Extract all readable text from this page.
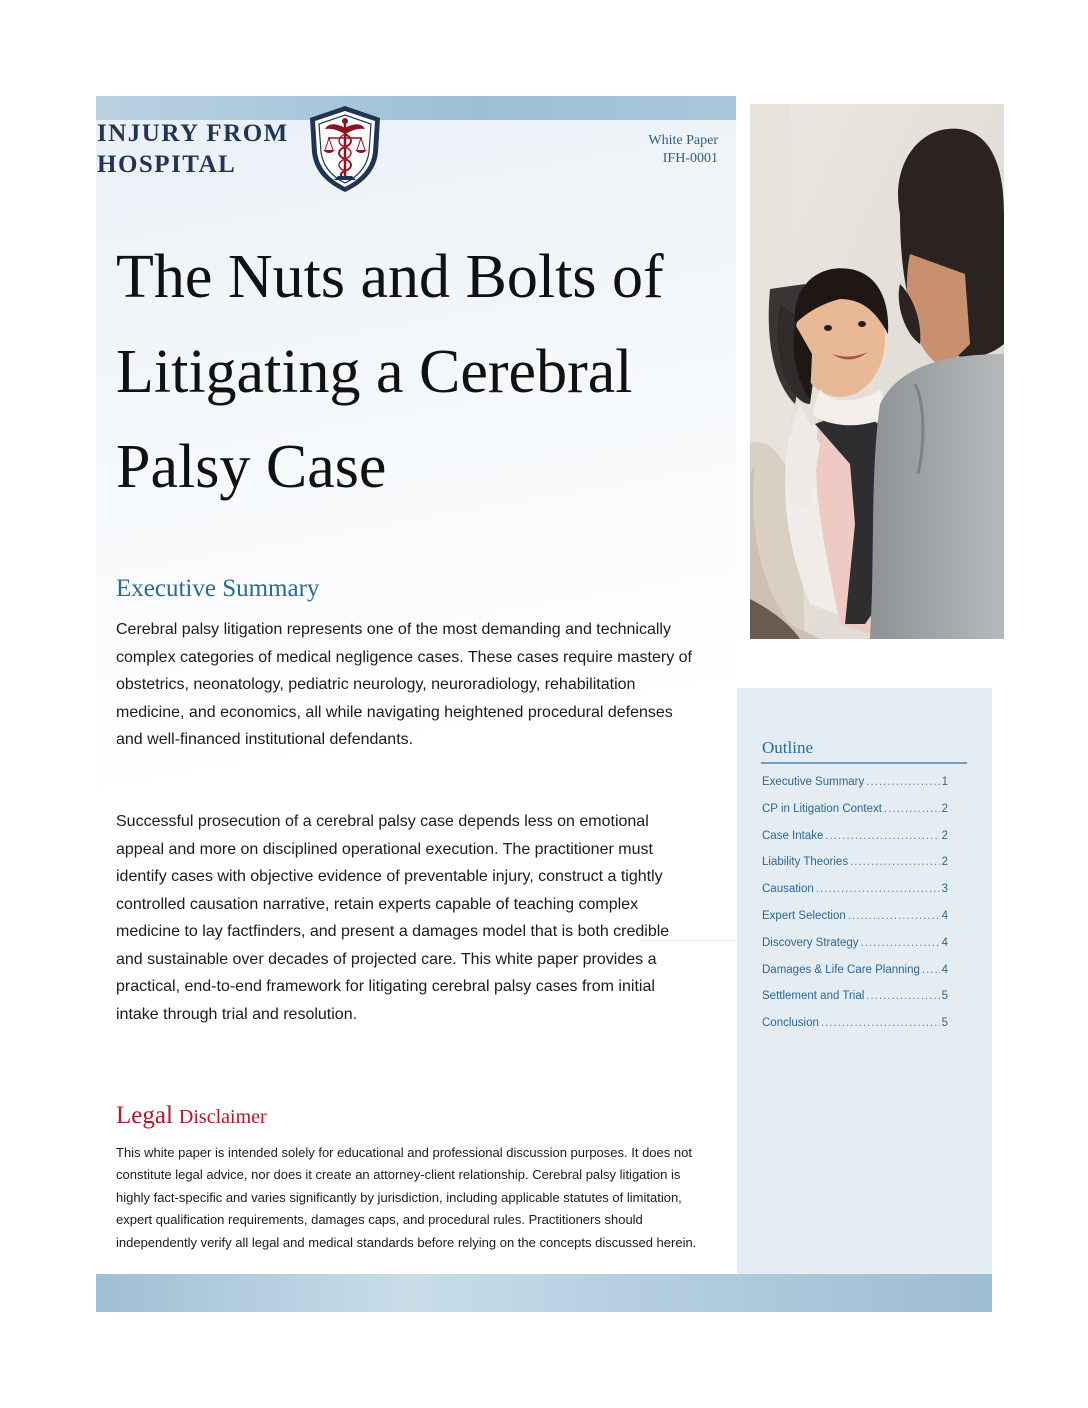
INJURY FROM
HOSPITAL
White Paper
IFH-0001
The Nuts and Bolts of Litigating a Cerebral Palsy Case
Executive Summary

Cerebral palsy litigation represents one of the most demanding and technically complex categories of medical negligence cases. These cases require mastery of obstetrics, neonatology, pediatric neurology, neuroradiology, rehabilitation medicine, and economics, all while navigating heightened procedural defenses and well-financed institutional defendants.

Successful prosecution of a cerebral palsy case depends less on emotional appeal and more on disciplined operational execution. The practitioner must identify cases with objective evidence of preventable injury, construct a tightly controlled causation narrative, retain experts capable of teaching complex medicine to lay factfinders, and present a damages model that is both credible and sustainable over decades of projected care. This white paper provides a practical, end-to-end framework for litigating cerebral palsy cases from initial intake through trial and resolution.

Legal Disclaimer

This white paper is intended solely for educational and professional discussion purposes. It does not constitute legal advice, nor does it create an attorney-client relationship. Cerebral palsy litigation is highly fact-specific and varies significantly by jurisdiction, including applicable statutes of limitation, expert qualification requirements, damages caps, and procedural rules. Practitioners should independently verify all legal and medical standards before relying on the concepts discussed herein.

Outline
Executive Summary .....	1
CP in Litigation Context .....	2
Case Intake .....	2
Liability Theories .....	2
Causation .....	3
Expert Selection .....	4
Discovery Strategy .....	4
Damages & Life Care Planning ..... 4
Settlement and Trial .....	5
Conclusion .....	5
